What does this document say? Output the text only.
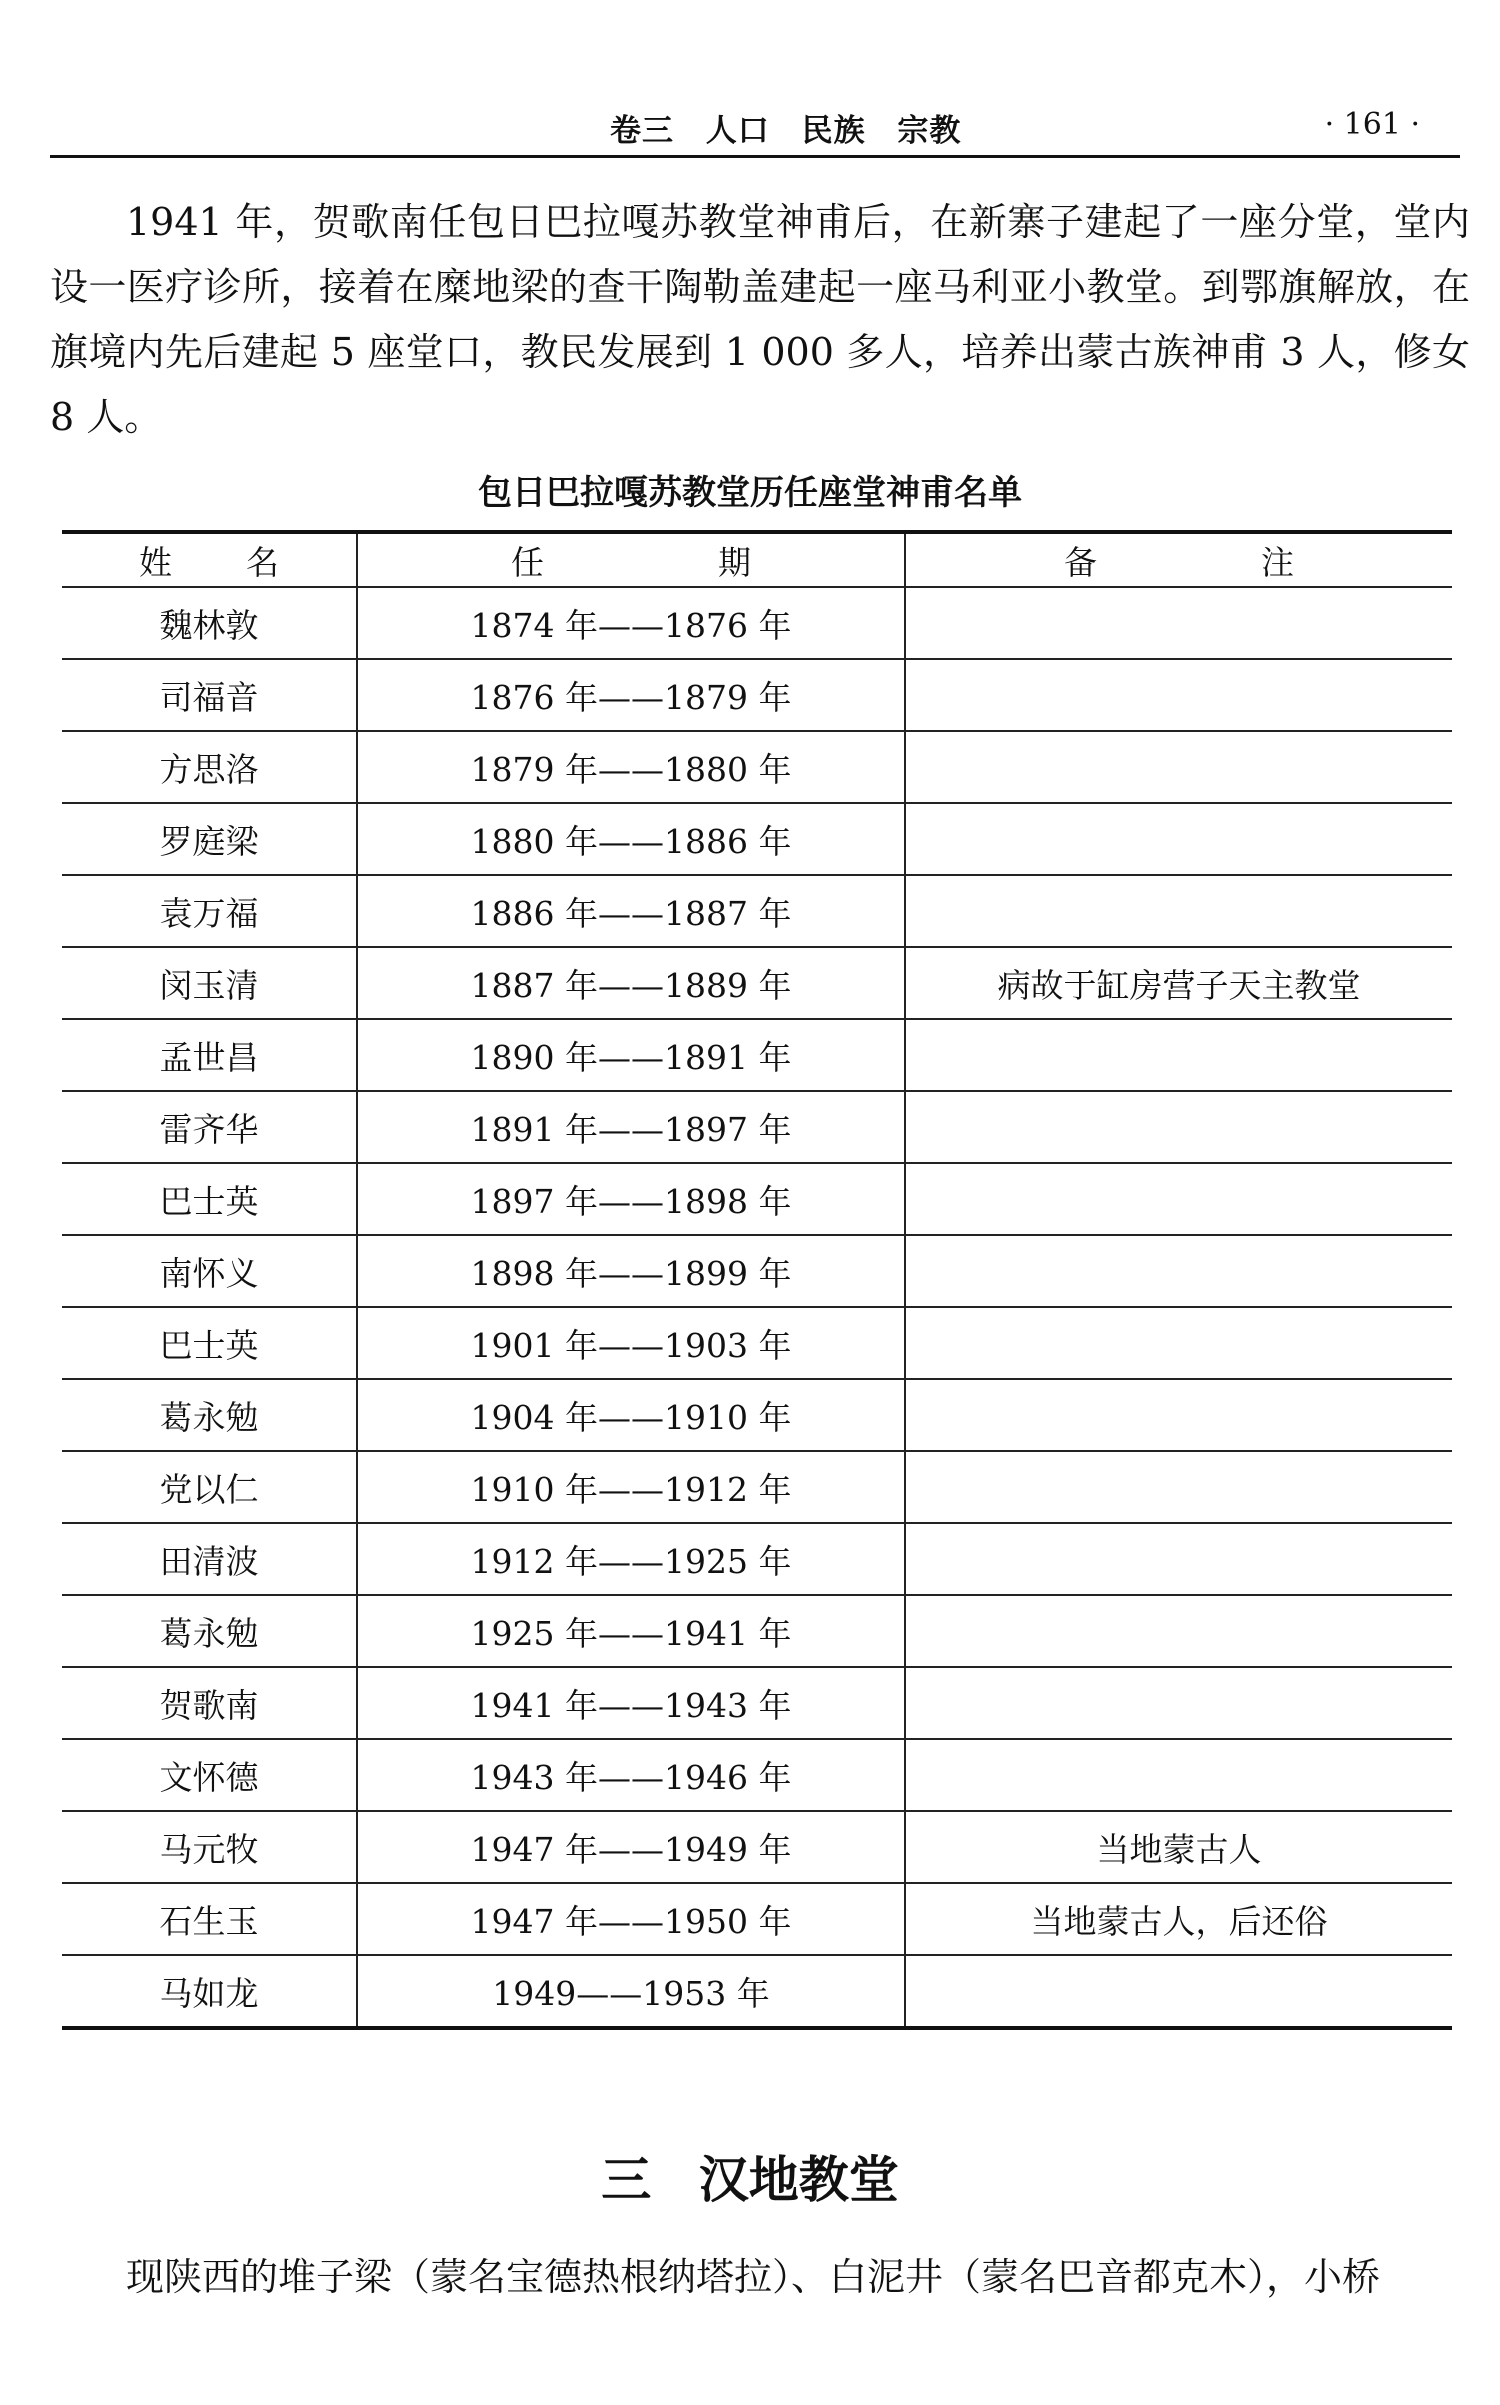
卷三 人口 民族 宗教	· 161 ·

1941 年，贺歌南任包日巴拉嘎苏教堂神甫后，在新寨子建起了一座分堂，堂内设一医疗诊所，接着在糜地梁的查干陶勒盖建起一座马利亚小教堂。到鄂旗解放，在旗境内先后建起 5 座堂口，教民发展到 1 000 多人，培养出蒙古族神甫 3 人，修女 8 人。

包日巴拉嘎苏教堂历任座堂神甫名单
姓 名	任 期	备 注

魏林敦	1874 年——1876 年	
司福音	1876 年——1879 年	
方思洛	1879 年——1880 年	
罗庭梁	1880 年——1886 年	
袁万福	1886 年——1887 年	
闵玉清	1887 年——1889 年	病故于缸房营子天主教堂
孟世昌	1890 年——1891 年	
雷齐华	1891 年——1897 年	
巴士英	1897 年——1898 年	
南怀义	1898 年——1899 年	
巴士英	1901 年——1903 年	
葛永勉	1904 年——1910 年	
党以仁	1910 年——1912 年	
田清波	1912 年——1925 年	
葛永勉	1925 年——1941 年	
贺歌南	1941 年——1943 年	
文怀德	1943 年——1946 年	
马元牧	1947 年——1949 年	当地蒙古人
石生玉	1947 年——1950 年	当地蒙古人，后还俗
马如龙	1949——1953 年	
三 汉地教堂

现陕西的堆子梁（蒙名宝德热根纳塔拉）、白泥井（蒙名巴音都克木），小桥
